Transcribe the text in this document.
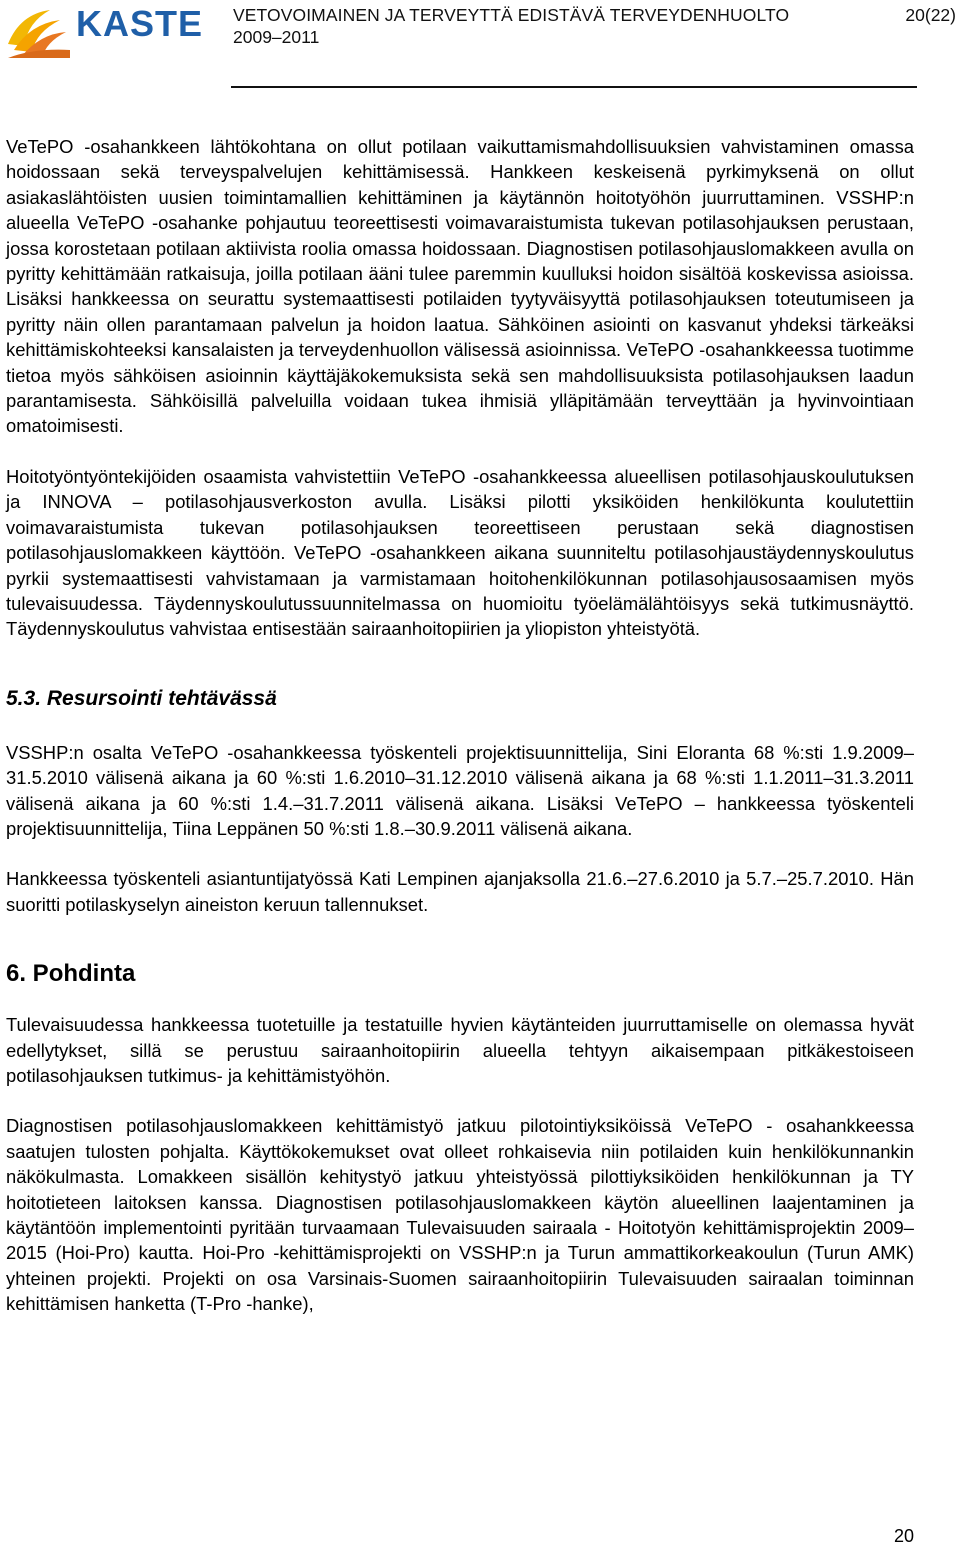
KASTE VETOVOIMAINEN JA TERVEYTTÄ EDISTÄVÄ TERVEYDENHUOLTO
2009–2011
20(22)

VeTePO -osahankkeen lähtökohtana on ollut potilaan vaikuttamismahdollisuuksien vahvistaminen omassa hoidossaan sekä terveyspalvelujen kehittämisessä. Hankkeen keskeisenä pyrkimyksenä on ollut asiakaslähtöisten uusien toimintamallien kehittäminen ja käytännön hoitotyöhön juurruttaminen. VSSHP:n alueella VeTePO -osahanke pohjautuu teoreettisesti voimavaraistumista tukevan potilasohjauksen perustaan, jossa korostetaan potilaan aktiivista roolia omassa hoidossaan. Diagnostisen potilasohjauslomakkeen avulla on pyritty kehittämään ratkaisuja, joilla potilaan ääni tulee paremmin kuulluksi hoidon sisältöä koskevissa asioissa. Lisäksi hankkeessa on seurattu systemaattisesti potilaiden tyytyväisyyttä potilasohjauksen toteutumiseen ja pyritty näin ollen parantamaan palvelun ja hoidon laatua. Sähköinen asiointi on kasvanut yhdeksi tärkeäksi kehittämiskohteeksi kansalaisten ja terveydenhuollon välisessä asioinnissa. VeTePO -osahankkeessa tuotimme tietoa myös sähköisen asioinnin käyttäjäkokemuksista sekä sen mahdollisuuksista potilasohjauksen laadun parantamisesta. Sähköisillä palveluilla voidaan tukea ihmisiä ylläpitämään terveyttään ja hyvinvointiaan omatoimisesti.

Hoitotyöntyöntekijöiden osaamista vahvistettiin VeTePO -osahankkeessa alueellisen potilasohjauskoulutuksen ja INNOVA – potilasohjausverkoston avulla. Lisäksi pilotti yksiköiden henkilökunta koulutettiin voimavaraistumista tukevan potilasohjauksen teoreettiseen perustaan sekä diagnostisen potilasohjauslomakkeen käyttöön. VeTePO -osahankkeen aikana suunniteltu potilasohjaustäydennyskoulutus pyrkii systemaattisesti vahvistamaan ja varmistamaan hoitohenkilökunnan potilasohjausosaamisen myös tulevaisuudessa. Täydennyskoulutussuunnitelmassa on huomioitu työelämälähtöisyys sekä tutkimusnäyttö. Täydennyskoulutus vahvistaa entisestään sairaanhoitopiirien ja yliopiston yhteistyötä.

5.3. Resursointi tehtävässä

VSSHP:n osalta VeTePO -osahankkeessa työskenteli projektisuunnittelija, Sini Eloranta 68 %:sti 1.9.2009–31.5.2010 välisenä aikana ja 60 %:sti 1.6.2010–31.12.2010 välisenä aikana ja 68 %:sti 1.1.2011–31.3.2011 välisenä aikana ja 60 %:sti 1.4.–31.7.2011 välisenä aikana. Lisäksi VeTePO – hankkeessa työskenteli projektisuunnittelija, Tiina Leppänen 50 %:sti 1.8.–30.9.2011 välisenä aikana.

Hankkeessa työskenteli asiantuntijatyössä Kati Lempinen ajanjaksolla 21.6.–27.6.2010 ja 5.7.–25.7.2010. Hän suoritti potilaskyselyn aineiston keruun tallennukset.

6. Pohdinta

Tulevaisuudessa hankkeessa tuotetuille ja testatuille hyvien käytänteiden juurruttamiselle on olemassa hyvät edellytykset, sillä se perustuu sairaanhoitopiirin alueella tehtyyn aikaisempaan pitkäkestoiseen potilasohjauksen tutkimus- ja kehittämistyöhön.

Diagnostisen potilasohjauslomakkeen kehittämistyö jatkuu pilotointiyksiköissä VeTePO - osahankkeessa saatujen tulosten pohjalta. Käyttökokemukset ovat olleet rohkaisevia niin potilaiden kuin henkilökunnankin näkökulmasta. Lomakkeen sisällön kehitystyö jatkuu yhteistyössä pilottiyksiköiden henkilökunnan ja TY hoitotieteen laitoksen kanssa. Diagnostisen potilasohjauslomakkeen käytön alueellinen laajentaminen ja käytäntöön implementointi pyritään turvaamaan Tulevaisuuden sairaala - Hoitotyön kehittämisprojektin 2009–2015 (Hoi-Pro) kautta. Hoi-Pro -kehittämisprojekti on VSSHP:n ja Turun ammattikorkeakoulun (Turun AMK) yhteinen projekti. Projekti on osa Varsinais-Suomen sairaanhoitopiirin Tulevaisuuden sairaalan toiminnan kehittämisen hanketta (T-Pro -hanke),

20
